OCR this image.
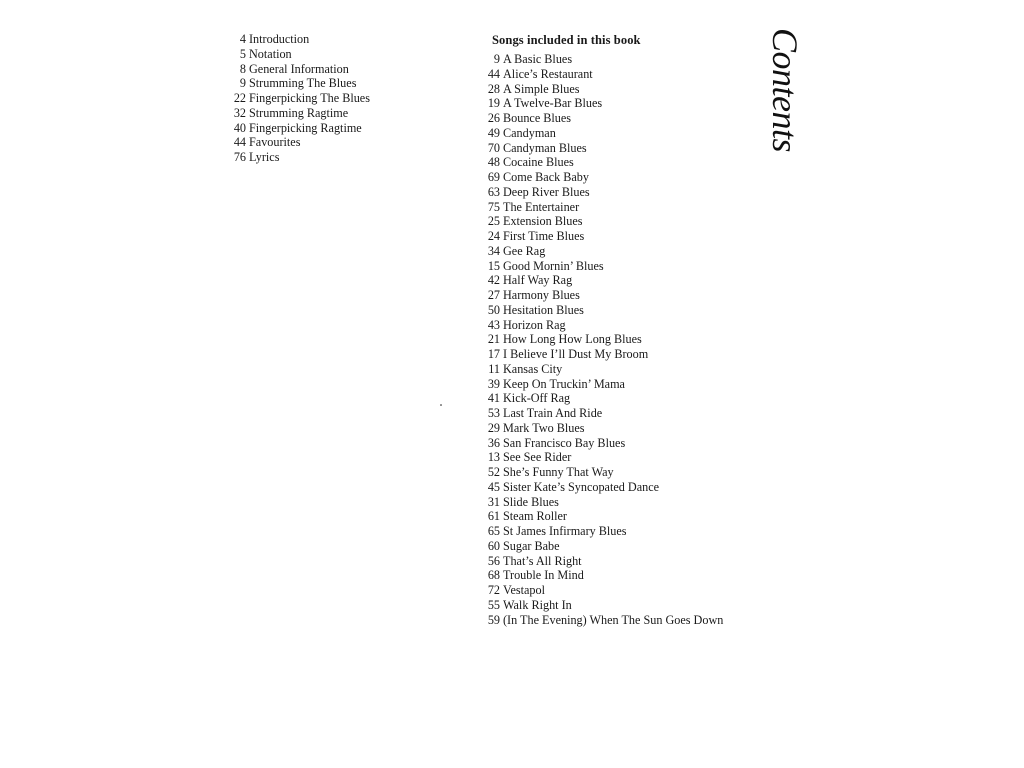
4 Introduction
5 Notation
8 General Information
9 Strumming The Blues
22 Fingerpicking The Blues
32 Strumming Ragtime
40 Fingerpicking Ragtime
44 Favourites
76 Lyrics
Songs included in this book
9 A Basic Blues
44 Alice’s Restaurant
28 A Simple Blues
19 A Twelve-Bar Blues
26 Bounce Blues
49 Candyman
70 Candyman Blues
48 Cocaine Blues
69 Come Back Baby
63 Deep River Blues
75 The Entertainer
25 Extension Blues
24 First Time Blues
34 Gee Rag
15 Good Mornin’ Blues
42 Half Way Rag
27 Harmony Blues
50 Hesitation Blues
43 Horizon Rag
21 How Long How Long Blues
17 I Believe I’ll Dust My Broom
11 Kansas City
39 Keep On Truckin’ Mama
41 Kick-Off Rag
53 Last Train And Ride
29 Mark Two Blues
36 San Francisco Bay Blues
13 See See Rider
52 She’s Funny That Way
45 Sister Kate’s Syncopated Dance
31 Slide Blues
61 Steam Roller
65 St James Infirmary Blues
60 Sugar Babe
56 That’s All Right
68 Trouble In Mind
72 Vestapol
55 Walk Right In
59 (In The Evening) When The Sun Goes Down
Contents
